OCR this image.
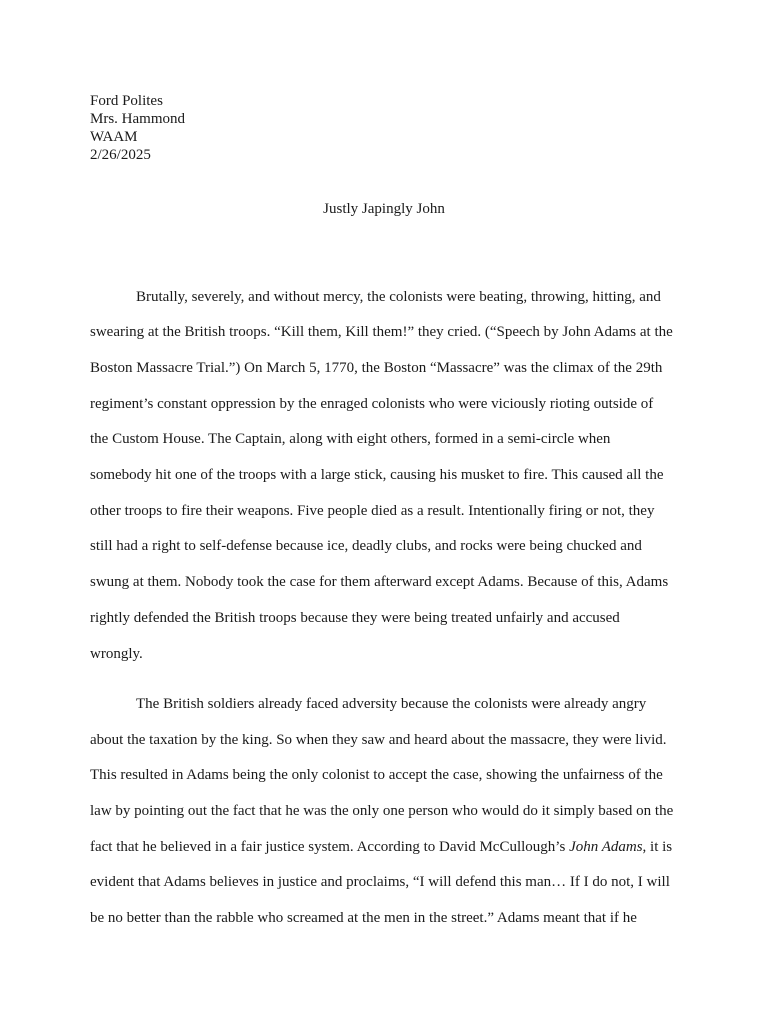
Ford Polites
Mrs. Hammond
WAAM
2/26/2025
Justly Japingly John
Brutally, severely, and without mercy, the colonists were beating, throwing, hitting, and
swearing at the British troops. “Kill them, Kill them!” they cried. (“Speech by John Adams at the
Boston Massacre Trial.”) On March 5, 1770, the Boston “Massacre” was the climax of the 29th
regiment’s constant oppression by the enraged colonists who were viciously rioting outside of
the Custom House. The Captain, along with eight others, formed in a semi-circle when
somebody hit one of the troops with a large stick, causing his musket to fire. This caused all the
other troops to fire their weapons. Five people died as a result. Intentionally firing or not, they
still had a right to self-defense because ice, deadly clubs, and rocks were being chucked and
swung at them. Nobody took the case for them afterward except Adams. Because of this, Adams
rightly defended the British troops because they were being treated unfairly and accused
wrongly.
The British soldiers already faced adversity because the colonists were already angry
about the taxation by the king. So when they saw and heard about the massacre, they were livid.
This resulted in Adams being the only colonist to accept the case, showing the unfairness of the
law by pointing out the fact that he was the only one person who would do it simply based on the
fact that he believed in a fair justice system. According to David McCullough’s John Adams, it is
evident that Adams believes in justice and proclaims, “I will defend this man… If I do not, I will
be no better than the rabble who screamed at the men in the street.” Adams meant that if he
